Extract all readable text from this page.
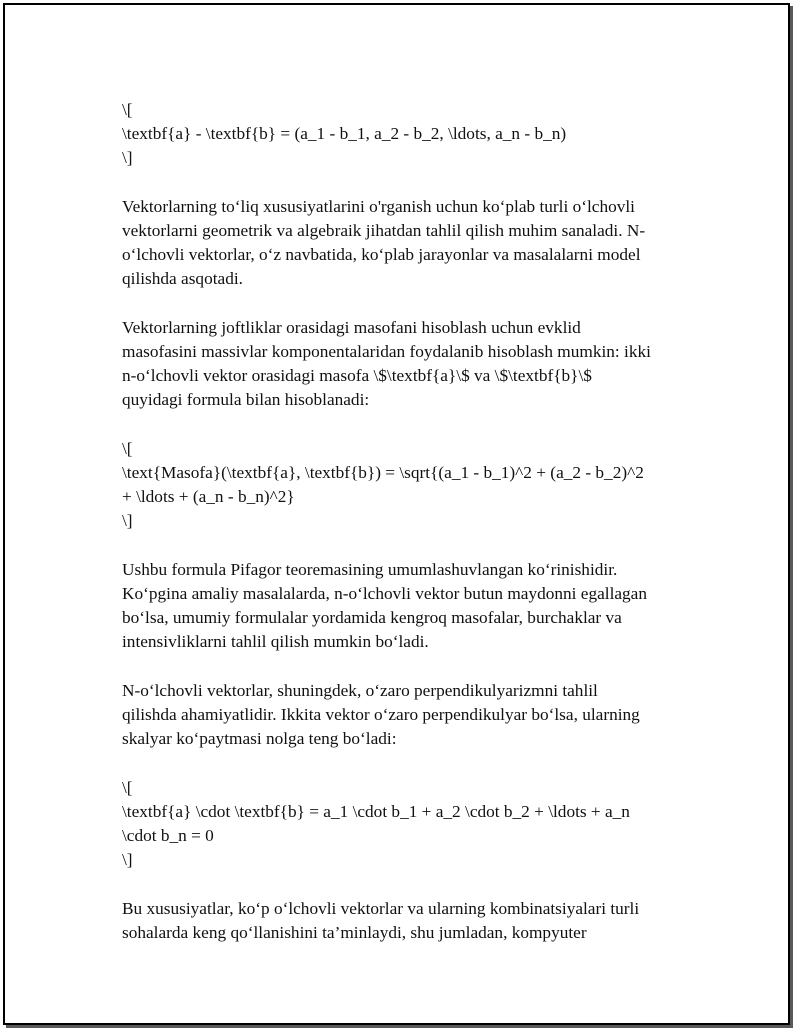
\[
\textbf{a} - \textbf{b} = (a_1 - b_1, a_2 - b_2, \ldots, a_n - b_n)
\]
Vektorlarning to‘liq xususiyatlarini o'rganish uchun ko‘plab turli o‘lchovli
vektorlarni geometrik va algebraik jihatdan tahlil qilish muhim sanaladi. N-
o‘lchovli vektorlar, o‘z navbatida, ko‘plab jarayonlar va masalalarni model
qilishda asqotadi.
Vektorlarning joftliklar orasidagi masofani hisoblash uchun evklid
masofasini massivlar komponentalaridan foydalanib hisoblash mumkin: ikki
n-o‘lchovli vektor orasidagi masofa \$\textbf{a}\$ va \$\textbf{b}\$
quyidagi formula bilan hisoblanadi:
\[
\text{Masofa}(\textbf{a}, \textbf{b}) = \sqrt{(a_1 - b_1)^2 + (a_2 - b_2)^2
+ \ldots + (a_n - b_n)^2}
\]
Ushbu formula Pifagor teoremasining umumlashuvlangan ko‘rinishidir.
Ko‘pgina amaliy masalalarda, n-o‘lchovli vektor butun maydonni egallagan
bo‘lsa, umumiy formulalar yordamida kengroq masofalar, burchaklar va
intensivliklarni tahlil qilish mumkin bo‘ladi.
N-o‘lchovli vektorlar, shuningdek, o‘zaro perpendikulyarizmni tahlil
qilishda ahamiyatlidir. Ikkita vektor o‘zaro perpendikulyar bo‘lsa, ularning
skalyar ko‘paytmasi nolga teng bo‘ladi:
\[
\textbf{a} \cdot \textbf{b} = a_1 \cdot b_1 + a_2 \cdot b_2 + \ldots + a_n
\cdot b_n = 0
\]
Bu xususiyatlar, ko‘p o‘lchovli vektorlar va ularning kombinatsiyalari turli
sohalarda keng qo‘llanishini ta’minlaydi, shu jumladan, kompyuter
